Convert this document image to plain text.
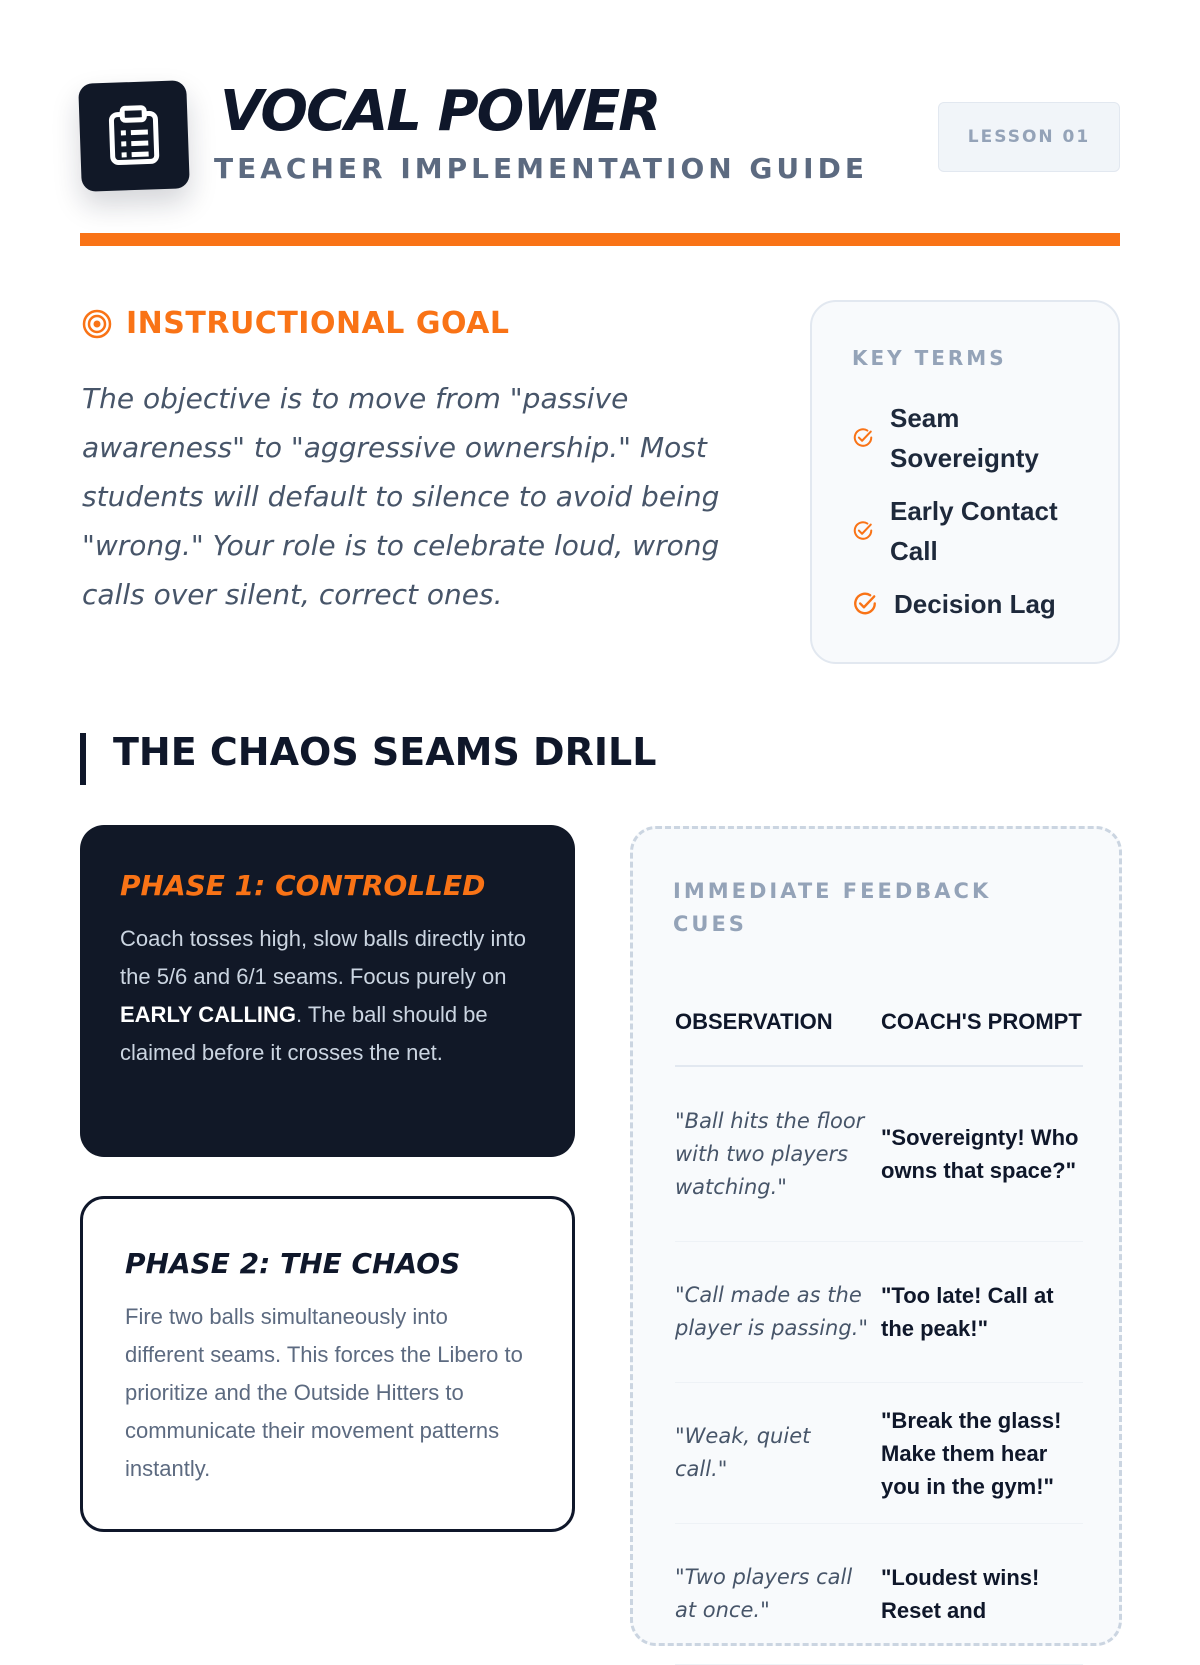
VOCAL POWER
TEACHER IMPLEMENTATION GUIDE
LESSON 01
INSTRUCTIONAL GOAL

The objective is to move from "passive awareness" to "aggressive ownership." Most students will default to silence to avoid being "wrong." Your role is to celebrate loud, wrong calls over silent, correct ones.

KEY TERMS
Seam Sovereignty
Early Contact Call
Decision Lag
THE CHAOS SEAMS DRILL
PHASE 1: CONTROLLED

Coach tosses high, slow balls directly into the 5/6 and 6/1 seams. Focus purely on EARLY CALLING. The ball should be claimed before it crosses the net.

PHASE 2: THE CHAOS

Fire two balls simultaneously into different seams. This forces the Libero to prioritize and the Outside Hitters to communicate their movement patterns instantly.

IMMEDIATE FEEDBACK CUES
OBSERVATION	COACH'S PROMPT
"Ball hits the floor with two players watching."
"Sovereignty! Who owns that space?"
"Call made as the player is passing."
"Too late! Call at the peak!"
"Weak, quiet call."
"Break the glass! Make them hear you in the gym!"
"Two players call at once."
"Loudest wins! Reset and
